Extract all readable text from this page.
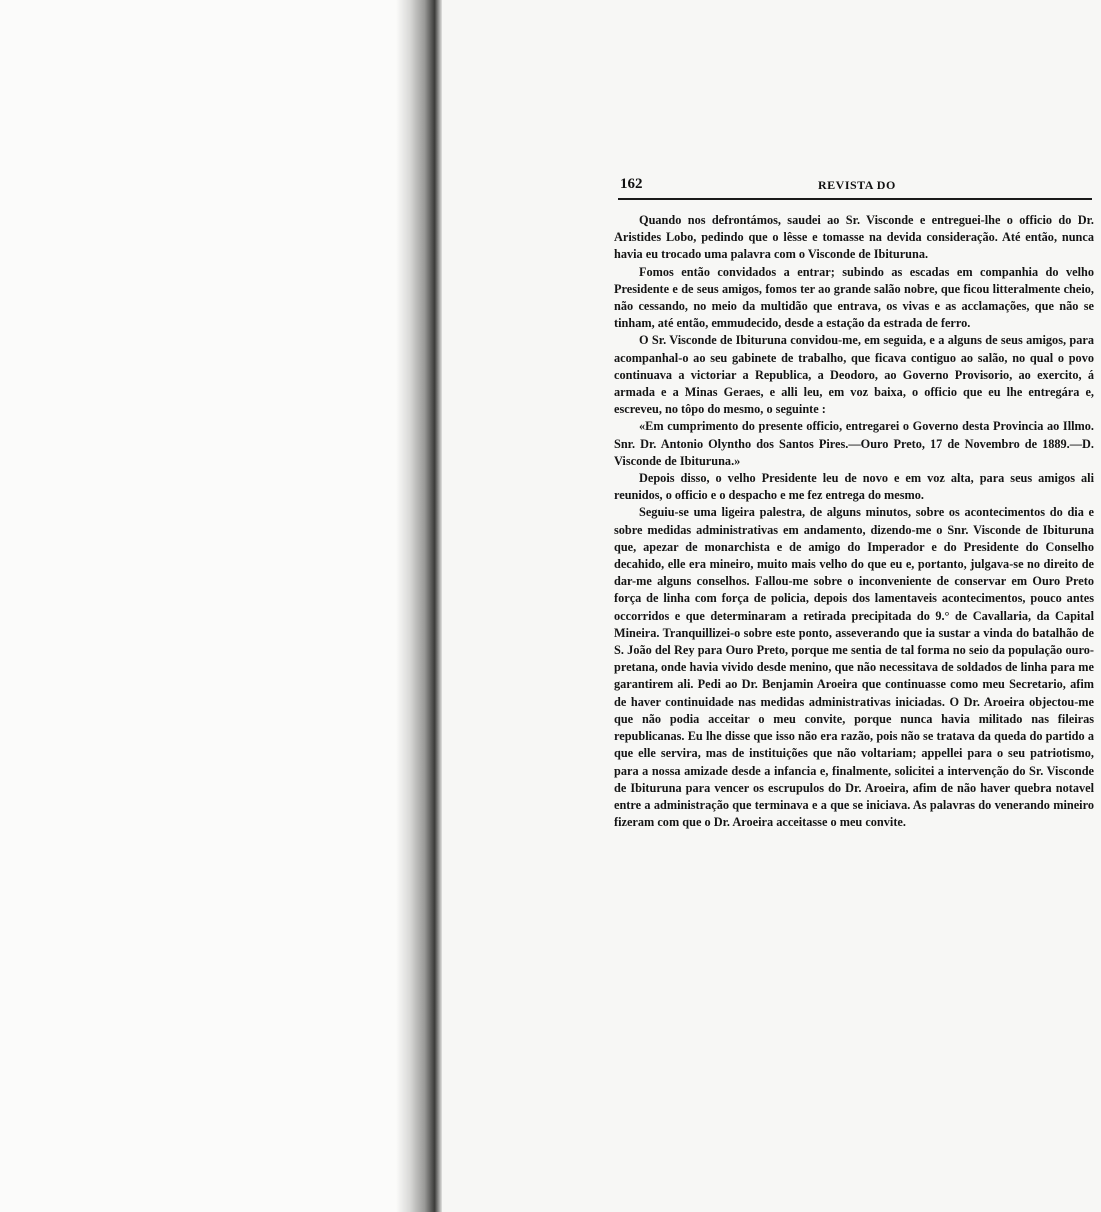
162	REVISTA DO

Quando nos defrontámos, saudei ao Sr. Visconde e entreguei-lhe o officio do Dr. Aristides Lobo, pedindo que o lêsse e tomasse na devida consideração. Até então, nunca havia eu trocado uma palavra com o Visconde de Ibituruna.

Fomos então convidados a entrar; subindo as escadas em companhia do velho Presidente e de seus amigos, fomos ter ao grande salão nobre, que ficou litteralmente cheio, não cessando, no meio da multidão que entrava, os vivas e as acclamações, que não se tinham, até então, emmudecido, desde a estação da estrada de ferro.

O Sr. Visconde de Ibituruna convidou-me, em seguida, e a alguns de seus amigos, para acompanhal-o ao seu gabinete de trabalho, que ficava contiguo ao salão, no qual o povo continuava a victoriar a Republica, a Deodoro, ao Governo Provisorio, ao exercito, á armada e a Minas Geraes, e alli leu, em voz baixa, o officio que eu lhe entregára e, escreveu, no tôpo do mesmo, o seguinte :

«Em cumprimento do presente officio, entregarei o Governo desta Provincia ao Illmo. Snr. Dr. Antonio Olyntho dos Santos Pires.—Ouro Preto, 17 de Novembro de 1889.—D. Visconde de Ibituruna.»

Depois disso, o velho Presidente leu de novo e em voz alta, para seus amigos ali reunidos, o officio e o despacho e me fez entrega do mesmo.

Seguiu-se uma ligeira palestra, de alguns minutos, sobre os acontecimentos do dia e sobre medidas administrativas em andamento, dizendo-me o Snr. Visconde de Ibituruna que, apezar de monarchista e de amigo do Imperador e do Presidente do Conselho decahido, elle era mineiro, muito mais velho do que eu e, portanto, julgava-se no direito de dar-me alguns conselhos. Fallou-me sobre o inconveniente de conservar em Ouro Preto força de linha com força de policia, depois dos lamentaveis acontecimentos, pouco antes occorridos e que determinaram a retirada precipitada do 9.° de Cavallaria, da Capital Mineira. Tranquillizei-o sobre este ponto, asseverando que ia sustar a vinda do batalhão de S. João del Rey para Ouro Preto, porque me sentia de tal forma no seio da população ouro-pretana, onde havia vivido desde menino, que não necessitava de soldados de linha para me garantirem ali. Pedi ao Dr. Benjamin Aroeira que continuasse como meu Secretario, afim de haver continuidade nas medidas administrativas iniciadas. O Dr. Aroeira objectou-me que não podia acceitar o meu convite, porque nunca havia militado nas fileiras republicanas. Eu lhe disse que isso não era razão, pois não se tratava da queda do partido a que elle servira, mas de instituições que não voltariam; appellei para o seu patriotismo, para a nossa amizade desde a infancia e, finalmente, solicitei a intervenção do Sr. Visconde de Ibituruna para vencer os escrupulos do Dr. Aroeira, afim de não haver quebra notavel entre a administração que terminava e a que se iniciava. As palavras do venerando mineiro fizeram com que o Dr. Aroeira acceitasse o meu convite.
